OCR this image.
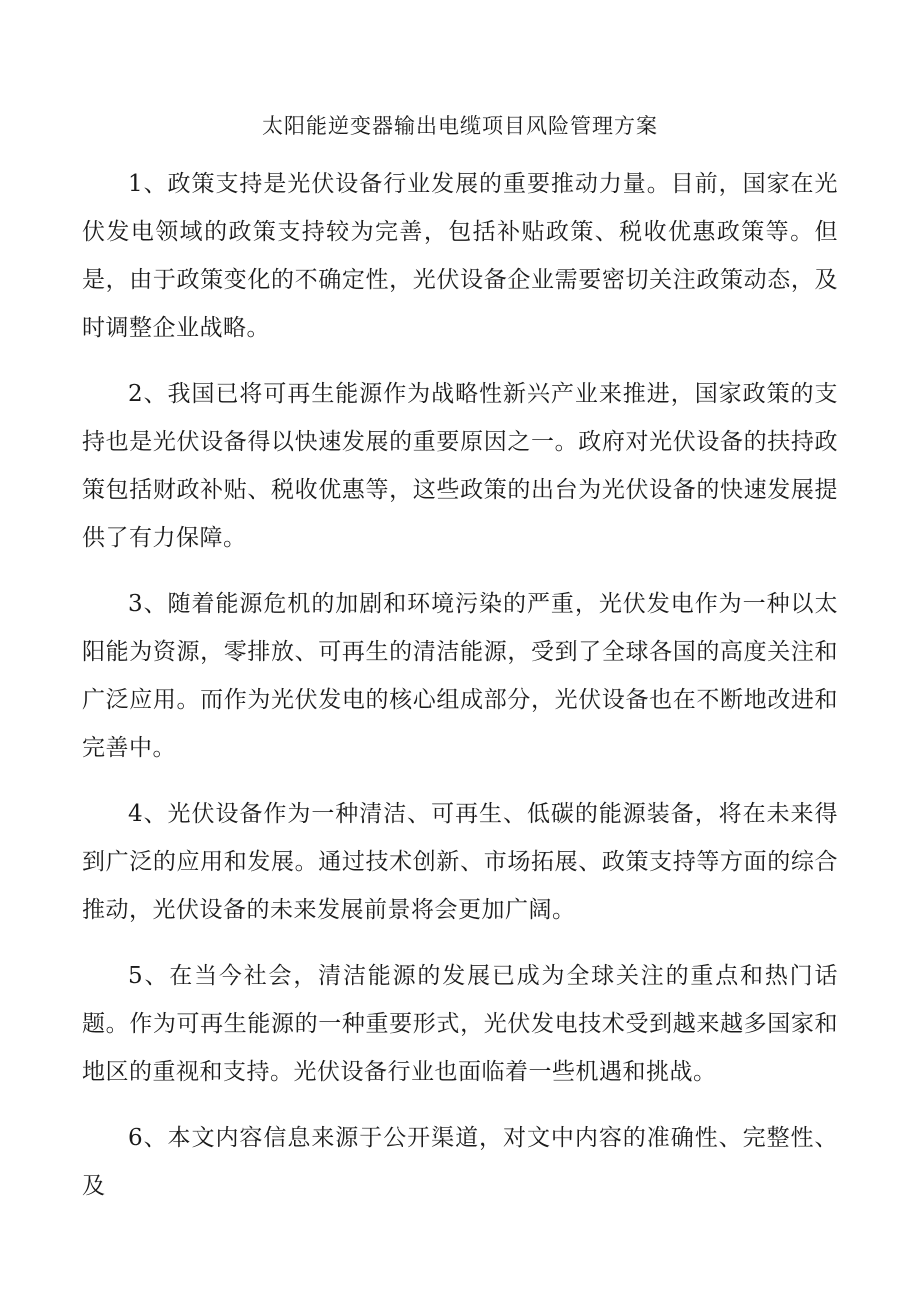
太阳能逆变器输出电缆项目风险管理方案

1、政策支持是光伏设备行业发展的重要推动力量。目前，国家在光伏发电领域的政策支持较为完善，包括补贴政策、税收优惠政策等。但是，由于政策变化的不确定性，光伏设备企业需要密切关注政策动态，及时调整企业战略。

2、我国已将可再生能源作为战略性新兴产业来推进，国家政策的支持也是光伏设备得以快速发展的重要原因之一。政府对光伏设备的扶持政策包括财政补贴、税收优惠等，这些政策的出台为光伏设备的快速发展提供了有力保障。

3、随着能源危机的加剧和环境污染的严重，光伏发电作为一种以太阳能为资源，零排放、可再生的清洁能源，受到了全球各国的高度关注和广泛应用。而作为光伏发电的核心组成部分，光伏设备也在不断地改进和完善中。

4、光伏设备作为一种清洁、可再生、低碳的能源装备，将在未来得到广泛的应用和发展。通过技术创新、市场拓展、政策支持等方面的综合推动，光伏设备的未来发展前景将会更加广阔。

5、在当今社会，清洁能源的发展已成为全球关注的重点和热门话题。作为可再生能源的一种重要形式，光伏发电技术受到越来越多国家和地区的重视和支持。光伏设备行业也面临着一些机遇和挑战。

6、本文内容信息来源于公开渠道，对文中内容的准确性、完整性、及
